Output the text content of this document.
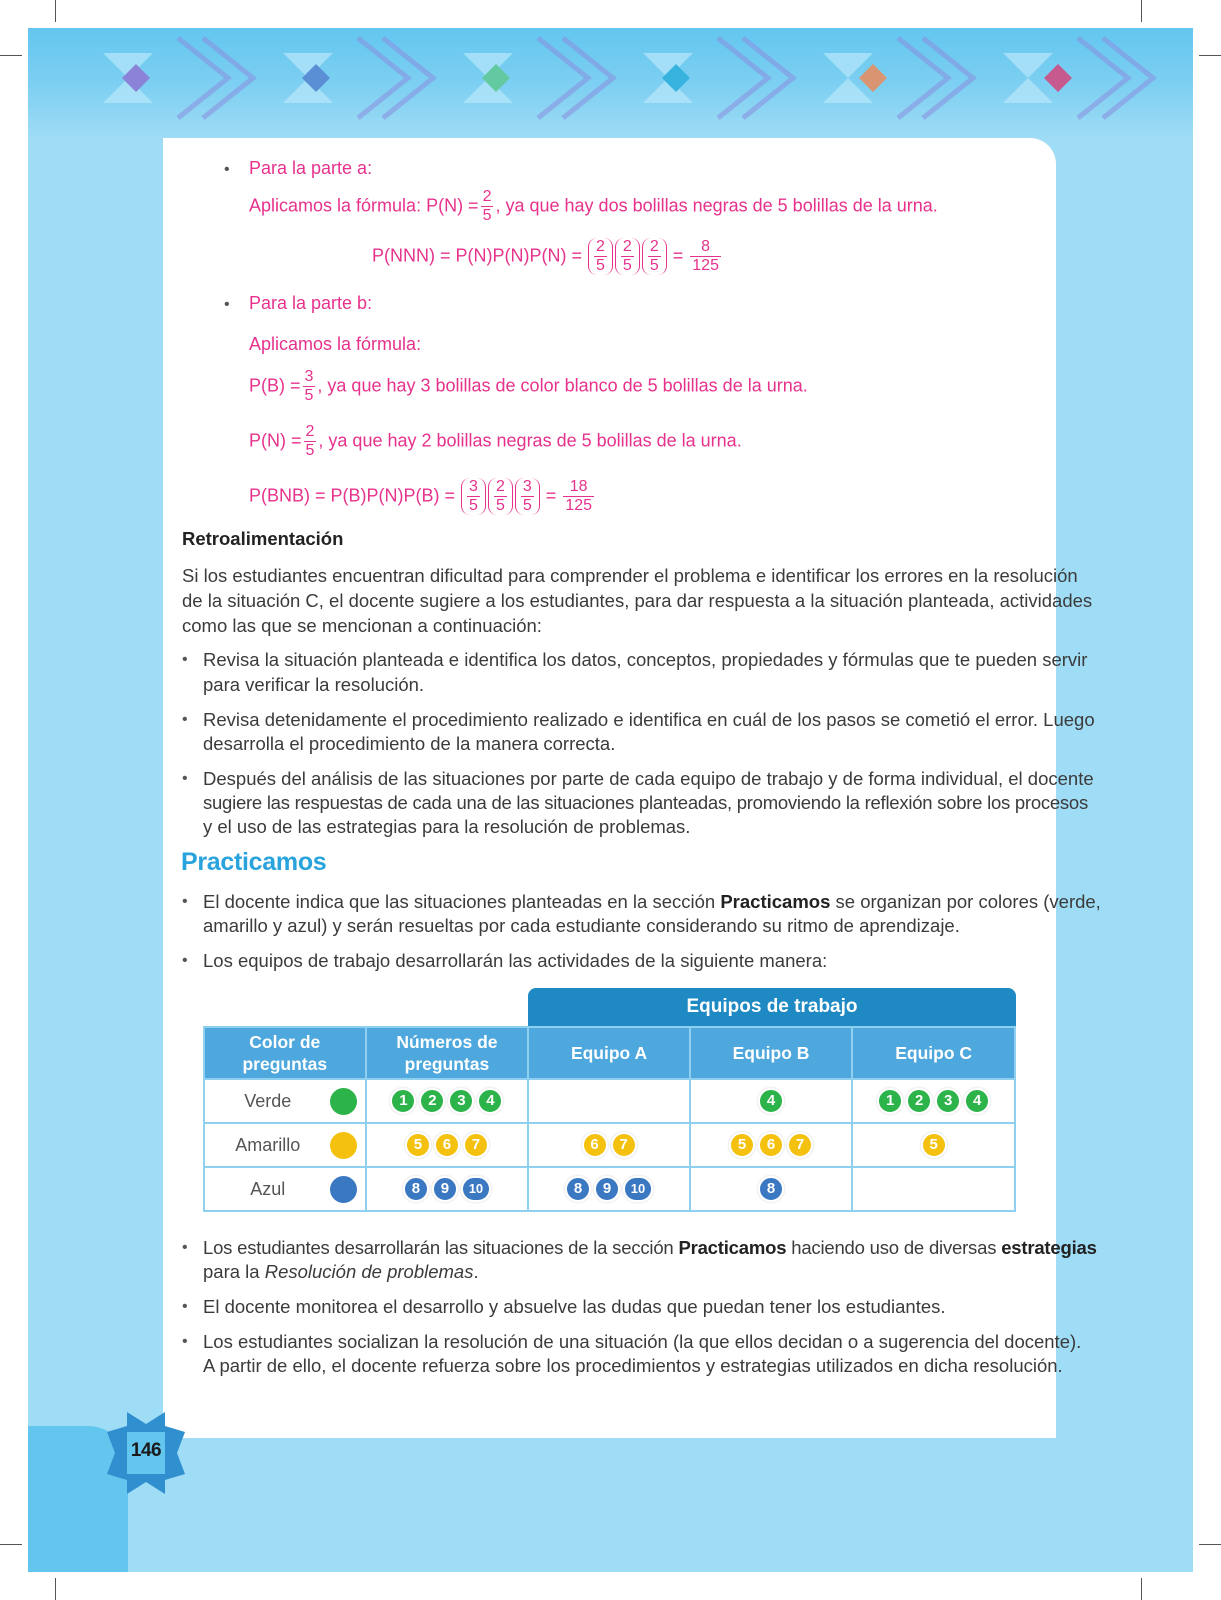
• Para la parte a:
Aplicamos la fórmula: $P(N) = \frac{2}{5}$ , ya que hay dos bolillas negras de 5 bolillas de la urna.
$P(NNN) = P(N)P(N)P(N) = \frac{2}{5} \frac{2}{5} \frac{2}{5} = \frac{8}{125}$
• Para la parte b:
Aplicamos la fórmula:
$P(B) = \frac{3}{5}$ , ya que hay 3 bolillas de color blanco de 5 bolillas de la urna.
$P(N) = \frac{2}{5}$ , ya que hay 2 bolillas negras de 5 bolillas de la urna.
$P(BNB) = P(B)P(N)P(B) = \frac{3}{5} \frac{2}{5} \frac{3}{5} = \frac{18}{125}$
Retroalimentación
Si los estudiantes encuentran dificultad para comprender el problema e identificar los errores en la resolución
de la situación C, el docente sugiere a los estudiantes, para dar respuesta a la situación planteada, actividades
como las que se mencionan a continuación:
• Revisa la situación planteada e identifica los datos, conceptos, propiedades y fórmulas que te pueden servir
para verificar la resolución.
• Revisa detenidamente el procedimiento realizado e identifica en cuál de los pasos se cometió el error. Luego
desarrolla el procedimiento de la manera correcta.
• Después del análisis de las situaciones por parte de cada equipo de trabajo y de forma individual, el docente
sugiere las respuestas de cada una de las situaciones planteadas, promoviendo la reflexión sobre los procesos
y el uso de las estrategias para la resolución de problemas.
Practicamos
• El docente indica que las situaciones planteadas en la sección Practicamos se organizan por colores (verde,
amarillo y azul) y serán resueltas por cada estudiante considerando su ritmo de aprendizaje.
• Los equipos de trabajo desarrollarán las actividades de la siguiente manera:
Equipos de trabajo
Color de
preguntas	Números de
preguntas	Equipo A	Equipo B	Equipo C
Verde	1 2 3 4		4	1 2 3 4

Amarillo	5 6 7	6 7	5 6 7	5

Azul	8 9 10	8 9 10	8	

• Los estudiantes desarrollarán las situaciones de la sección Practicamos haciendo uso de diversas estrategias
para la Resolución de problemas.
• El docente monitorea el desarrollo y absuelve las dudas que puedan tener los estudiantes.
• Los estudiantes socializan la resolución de una situación (la que ellos decidan o a sugerencia del docente).
A partir de ello, el docente refuerza sobre los procedimientos y estrategias utilizados en dicha resolución.
146
